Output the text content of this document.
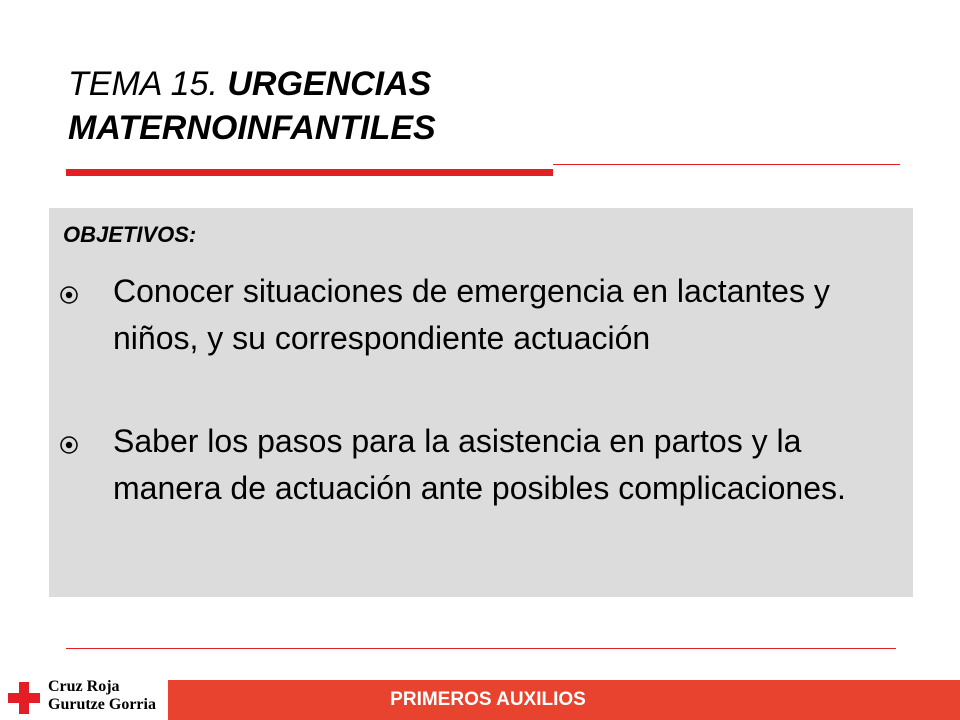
TEMA 15. URGENCIAS
MATERNOINFANTILES
OBJETIVOS:
Conocer situaciones de emergencia en lactantes y niños, y su correspondiente actuación
Saber los pasos para la asistencia en partos y la manera de actuación ante posibles complicaciones.
Cruz Roja
Gurutze Gorria	PRIMEROS AUXILIOS
